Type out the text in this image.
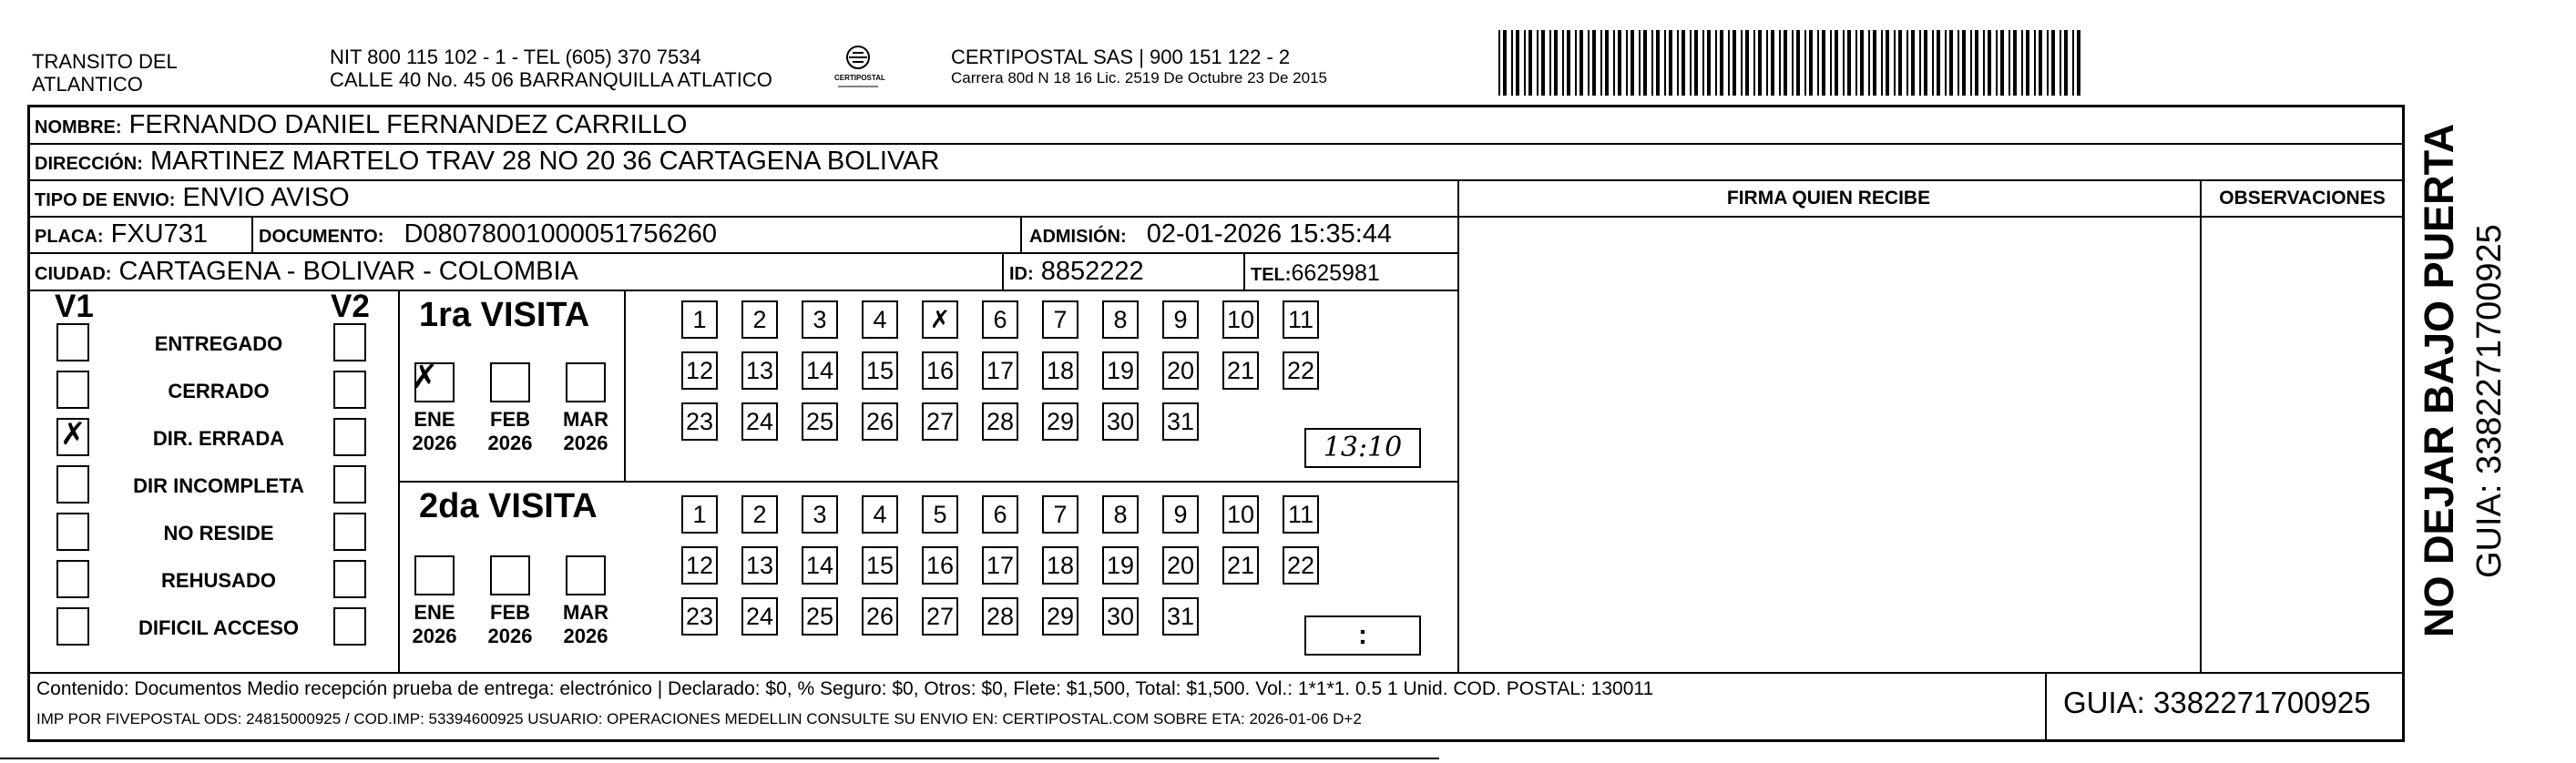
TRANSITO DEL
ATLANTICO
NIT 800 115 102 - 1 - TEL (605) 370 7534
CALLE 40 No. 45 06 BARRANQUILLA ATLATICO	CERTIPOSTAL
CERTIPOSTAL SAS | 900 151 122 - 2
Carrera 80d N 18 16 Lic. 2519 De Octubre 23 De 2015
NOMBRE: FERNANDO DANIEL FERNANDEZ CARRILLO
DIRECCIÓN: MARTINEZ MARTELO TRAV 28 NO 20 36 CARTAGENA BOLIVAR
TIPO DE ENVIO: ENVIO AVISO	FIRMA QUIEN RECIBE	OBSERVACIONES
PLACA: FXU731	DOCUMENTO: D08078001000051756260	ADMISIÓN: 02-01-2026 15:35:44
CIUDAD: CARTAGENA - BOLIVAR - COLOMBIA	ID: 8852222	TEL:6625981
V1	V2
ENTREGADO
CERRADO
✗	DIR. ERRADA
DIR INCOMPLETA
NO RESIDE
REHUSADO
DIFICIL ACCESO
1ra VISITA	1	2	3	4	✗	6	7	8	9	10 11
12 13 14 15 16 17 18 19 20 21 22
23 24 25 26 27 28 29 30 31
✗
ENE
2026
FEB
2026
MAR
2026	13:10
2da VISITA	1	2	3	4	5	6	7	8	9	10 11
12 13 14 15 16 17 18 19 20 21 22
23 24 25 26 27 28 29 30 31
ENE
2026
FEB
2026
MAR
2026	:
Contenido: Documentos Medio recepción prueba de entrega: electrónico | Declarado: $0, % Seguro: $0, Otros: $0, Flete: $1,500, Total: $1,500. Vol.: 1*1*1. 0.5 1 Unid. COD. POSTAL: 130011
IMP POR FIVEPOSTAL ODS: 24815000925 / COD.IMP: 53394600925 USUARIO: OPERACIONES MEDELLIN CONSULTE SU ENVIO EN: CERTIPOSTAL.COM SOBRE ETA: 2026-01-06 D+2	GUIA: 3382271700925
NO DEJAR BAJO PUERTA GUIA: 3382271700925
